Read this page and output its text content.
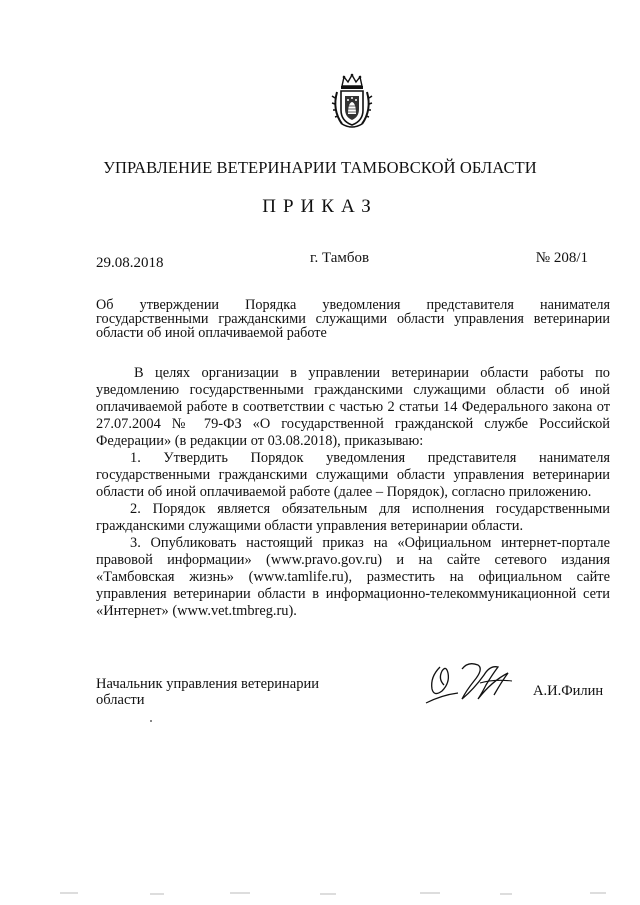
УПРАВЛЕНИЕ ВЕТЕРИНАРИИ ТАМБОВСКОЙ ОБЛАСТИ
ПРИКАЗ
29.08.2018	г. Тамбов	№ 208/1
Об утверждении Порядка уведомления представителя нанимателя государственными гражданскими служащими области управления ветеринарии области об иной оплачиваемой работе

В целях организации в управлении ветеринарии области работы по уведомлению государственными гражданскими служащими области об иной оплачиваемой работе в соответствии с частью 2 статьи 14 Федерального закона от 27.07.2004 № 79-ФЗ «О государственной гражданской службе Российской Федерации» (в редакции от 03.08.2018), приказываю:

1. Утвердить Порядок уведомления представителя нанимателя государственными гражданскими служащими области управления ветеринарии области об иной оплачиваемой работе (далее – Порядок), согласно приложению.

2. Порядок является обязательным для исполнения государственными гражданскими служащими области управления ветеринарии области.

3. Опубликовать настоящий приказ на «Официальном интернет-портале правовой информации» (www.pravo.gov.ru) и на сайте сетевого издания «Тамбовская жизнь» (www.tamlife.ru), разместить на официальном сайте управления ветеринарии области в информационно-телекоммуникационной сети «Интернет» (www.vet.tmbreg.ru).

Начальник управления ветеринарии области
А.И.Филин
